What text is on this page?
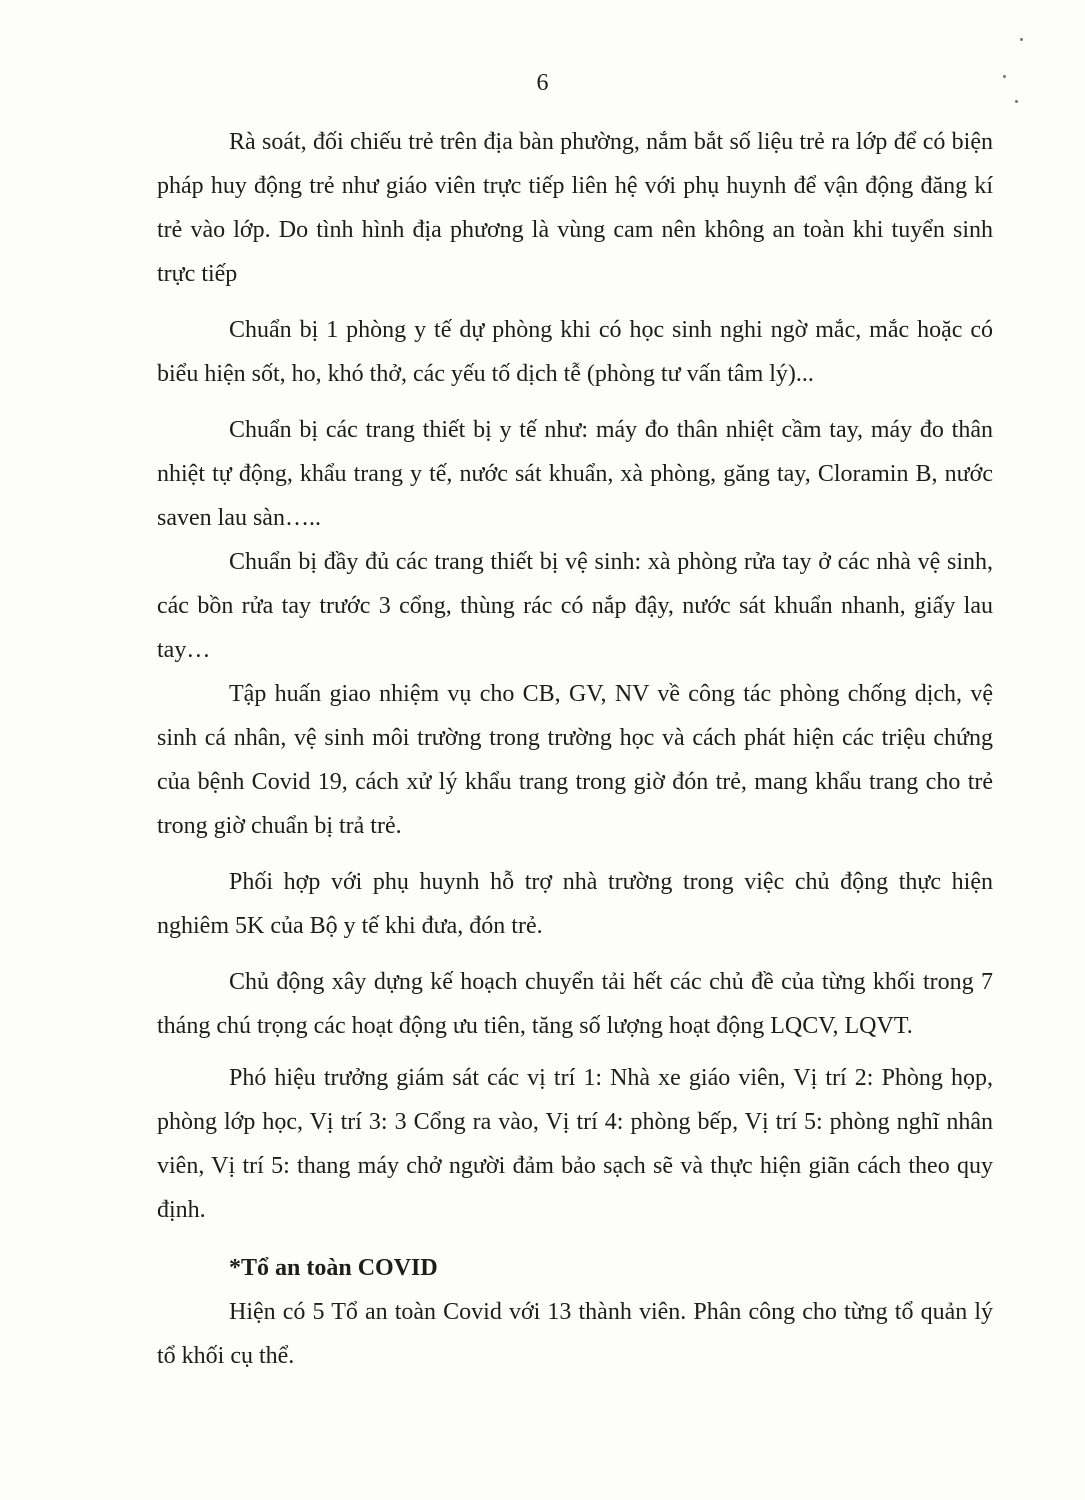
6

Rà soát, đối chiếu trẻ trên địa bàn phường, nắm bắt số liệu trẻ ra lớp để có biện pháp huy động trẻ như giáo viên trực tiếp liên hệ với phụ huynh để vận động đăng kí trẻ vào lớp. Do tình hình địa phương là vùng cam nên không an toàn khi tuyển sinh trực tiếp

Chuẩn bị 1 phòng y tế dự phòng khi có học sinh nghi ngờ mắc, mắc hoặc có biểu hiện sốt, ho, khó thở, các yếu tố dịch tễ (phòng tư vấn tâm lý)...

Chuẩn bị các trang thiết bị y tế như: máy đo thân nhiệt cầm tay, máy đo thân nhiệt tự động, khẩu trang y tế, nước sát khuẩn, xà phòng, găng tay, Cloramin B, nước saven lau sàn…..

Chuẩn bị đầy đủ các trang thiết bị vệ sinh: xà phòng rửa tay ở các nhà vệ sinh, các bồn rửa tay trước 3 cổng, thùng rác có nắp đậy, nước sát khuẩn nhanh, giấy lau tay…

Tập huấn giao nhiệm vụ cho CB, GV, NV về công tác phòng chống dịch, vệ sinh cá nhân, vệ sinh môi trường trong trường học và cách phát hiện các triệu chứng của bệnh Covid 19, cách xử lý khẩu trang trong giờ đón trẻ, mang khẩu trang cho trẻ trong giờ chuẩn bị trả trẻ.

Phối hợp với phụ huynh hỗ trợ nhà trường trong việc chủ động thực hiện nghiêm 5K của Bộ y tế khi đưa, đón trẻ.

Chủ động xây dựng kế hoạch chuyển tải hết các chủ đề của từng khối trong 7 tháng chú trọng các hoạt động ưu tiên, tăng số lượng hoạt động LQCV, LQVT.

Phó hiệu trưởng giám sát các vị trí 1: Nhà xe giáo viên, Vị trí 2: Phòng họp, phòng lớp học, Vị trí 3: 3 Cổng ra vào, Vị trí 4: phòng bếp, Vị trí 5: phòng nghĩ nhân viên, Vị trí 5: thang máy chở người đảm bảo sạch sẽ và thực hiện giãn cách theo quy định.

*Tổ an toàn COVID

Hiện có 5 Tổ an toàn Covid với 13 thành viên. Phân công cho từng tổ quản lý tổ khối cụ thể.
